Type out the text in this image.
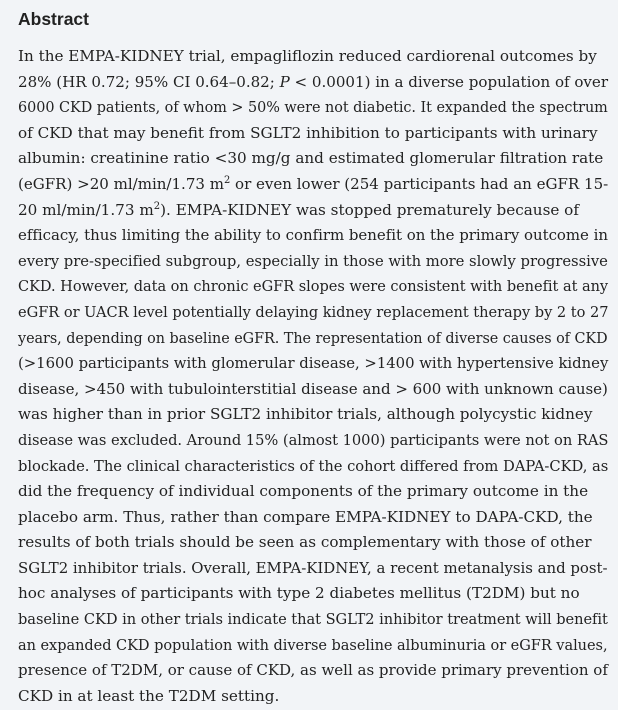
Abstract

In the EMPA-KIDNEY trial, empagliflozin reduced cardiorenal outcomes by
28% (HR 0.72; 95% CI 0.64–0.82; P < 0.0001) in a diverse population of over
6000 CKD patients, of whom > 50% were not diabetic. It expanded the spectrum
of CKD that may benefit from SGLT2 inhibition to participants with urinary
albumin: creatinine ratio <30 mg/g and estimated glomerular filtration rate
(eGFR) >20 ml/min/1.73 $m^2$ or even lower (254 participants had an eGFR 15-
20 ml/min/1.73 $m^2$). EMPA-KIDNEY was stopped prematurely because of
efficacy, thus limiting the ability to confirm benefit on the primary outcome in
every pre-specified subgroup, especially in those with more slowly progressive
CKD. However, data on chronic eGFR slopes were consistent with benefit at any
eGFR or UACR level potentially delaying kidney replacement therapy by 2 to 27
years, depending on baseline eGFR. The representation of diverse causes of CKD
(>1600 participants with glomerular disease, >1400 with hypertensive kidney
disease, >450 with tubulointerstitial disease and > 600 with unknown cause)
was higher than in prior SGLT2 inhibitor trials, although polycystic kidney
disease was excluded. Around 15% (almost 1000) participants were not on RAS
blockade. The clinical characteristics of the cohort differed from DAPA-CKD, as
did the frequency of individual components of the primary outcome in the
placebo arm. Thus, rather than compare EMPA-KIDNEY to DAPA-CKD, the
results of both trials should be seen as complementary with those of other
SGLT2 inhibitor trials. Overall, EMPA-KIDNEY, a recent metanalysis and post-
hoc analyses of participants with type 2 diabetes mellitus (T2DM) but no
baseline CKD in other trials indicate that SGLT2 inhibitor treatment will benefit
an expanded CKD population with diverse baseline albuminuria or eGFR values,
presence of T2DM, or cause of CKD, as well as provide primary prevention of
CKD in at least the T2DM setting.
